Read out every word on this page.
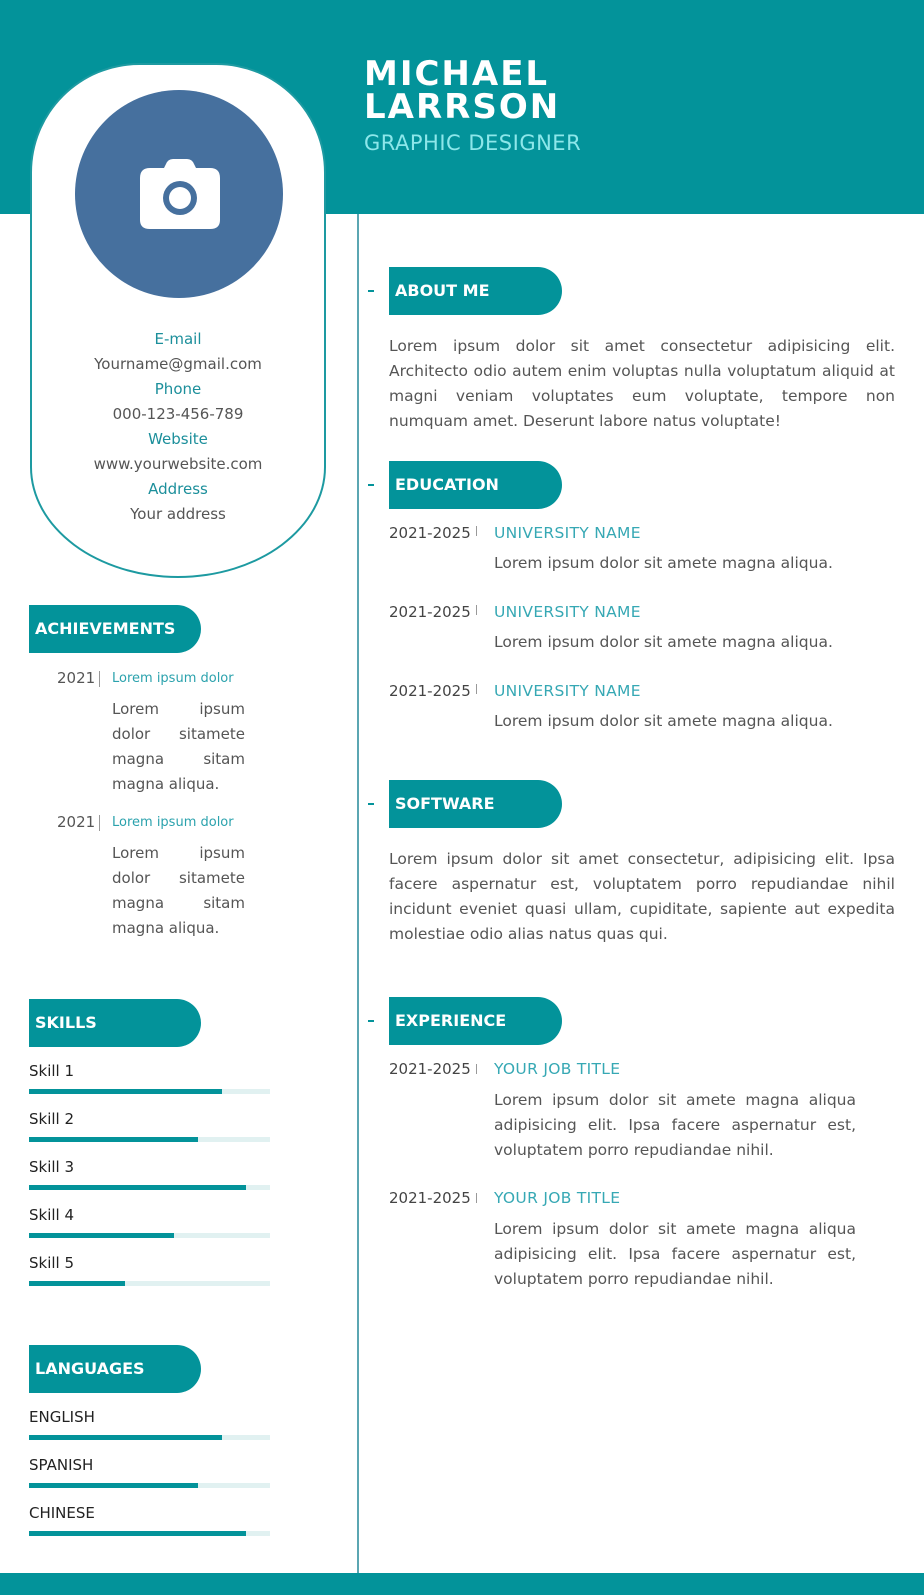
MICHAEL
LARRSON
GRAPHIC DESIGNER
E-mail
Yourname@gmail.com
Phone
000-123-456-789
Website
www.yourwebsite.com
Address
Your address
ACHIEVEMENTS
2021 Lorem ipsum dolor
Lorem ipsum dolor sitamete magna sitam magna aliqua.
2021 Lorem ipsum dolor
Lorem ipsum dolor sitamete magna sitam magna aliqua.
SKILLS
Skill 1
Skill 2
Skill 3
Skill 4
Skill 5
LANGUAGES
ENGLISH
SPANISH
CHINESE
ABOUT ME
Lorem ipsum dolor sit amet consectetur adipisicing elit. Architecto odio autem enim voluptas nulla voluptatum aliquid at magni veniam voluptates eum voluptate, tempore non numquam amet. Deserunt labore natus voluptate!
EDUCATION
2021-2025 UNIVERSITY NAME
Lorem ipsum dolor sit amete magna aliqua.
2021-2025 UNIVERSITY NAME
Lorem ipsum dolor sit amete magna aliqua.
2021-2025 UNIVERSITY NAME
Lorem ipsum dolor sit amete magna aliqua.
SOFTWARE
Lorem ipsum dolor sit amet consectetur, adipisicing elit. Ipsa facere aspernatur est, voluptatem porro repudiandae nihil incidunt eveniet quasi ullam, cupiditate, sapiente aut expedita molestiae odio alias natus quas qui.
EXPERIENCE
2021-2025 YOUR JOB TITLE
Lorem ipsum dolor sit amete magna aliqua adipisicing elit. Ipsa facere aspernatur est, voluptatem porro repudiandae nihil.
2021-2025 YOUR JOB TITLE
Lorem ipsum dolor sit amete magna aliqua adipisicing elit. Ipsa facere aspernatur est, voluptatem porro repudiandae nihil.
